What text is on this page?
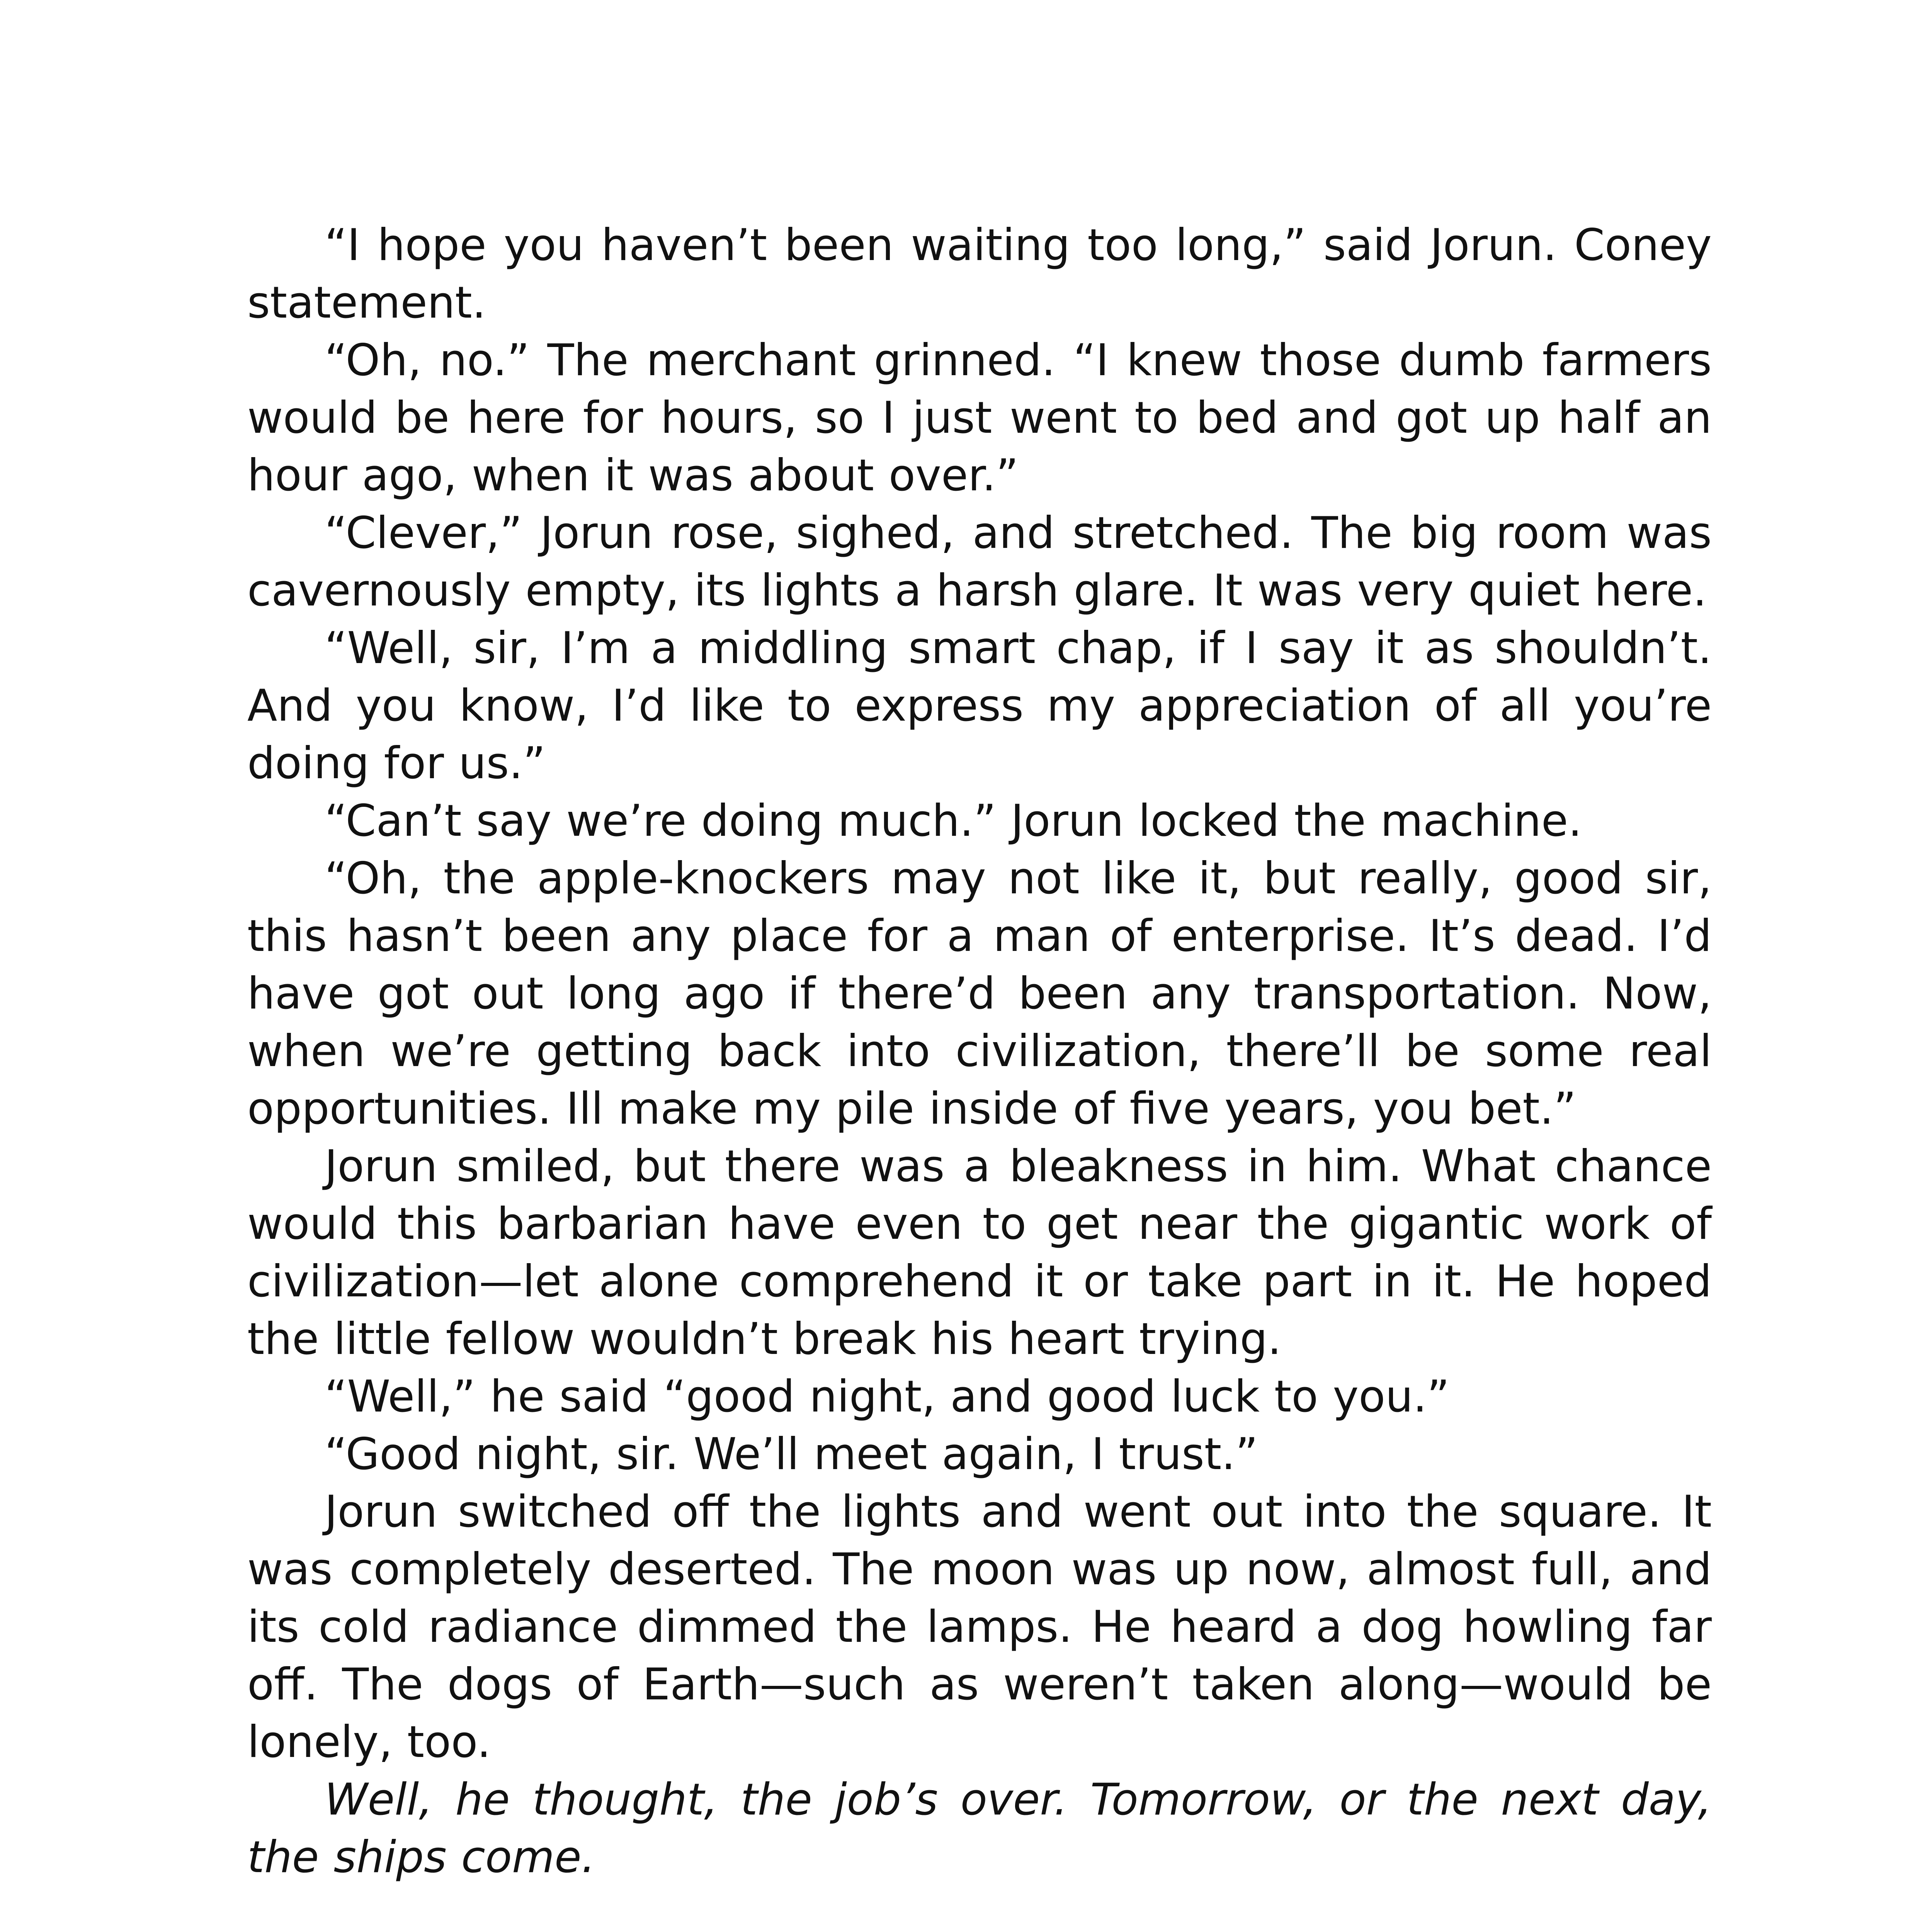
“I hope you haven’t been waiting too long,” said Jorun. Coney statement.

“Oh, no.” The merchant grinned. “I knew those dumb farmers would be here for hours, so I just went to bed and got up half an hour ago, when it was about over.”

“Clever,” Jorun rose, sighed, and stretched. The big room was cavernously empty, its lights a harsh glare. It was very quiet here.

“Well, sir, I’m a middling smart chap, if I say it as shouldn’t. And you know, I’d like to express my appreciation of all you’re doing for us.”

“Can’t say we’re doing much.” Jorun locked the machine.

“Oh, the apple-knockers may not like it, but really, good sir, this hasn’t been any place for a man of enterprise. It’s dead. I’d have got out long ago if there’d been any transportation. Now, when we’re getting back into civilization, there’ll be some real opportunities. Ill make my pile inside of five years, you bet.”

Jorun smiled, but there was a bleakness in him. What chance would this barbarian have even to get near the gigantic work of civilization—let alone comprehend it or take part in it. He hoped the little fellow wouldn’t break his heart trying.

“Well,” he said “good night, and good luck to you.”

“Good night, sir. We’ll meet again, I trust.”

Jorun switched off the lights and went out into the square. It was completely deserted. The moon was up now, almost full, and its cold radiance dimmed the lamps. He heard a dog howling far off. The dogs of Earth—such as weren’t taken along—would be lonely, too.

Well, he thought, the job’s over. Tomorrow, or the next day, the ships come.
